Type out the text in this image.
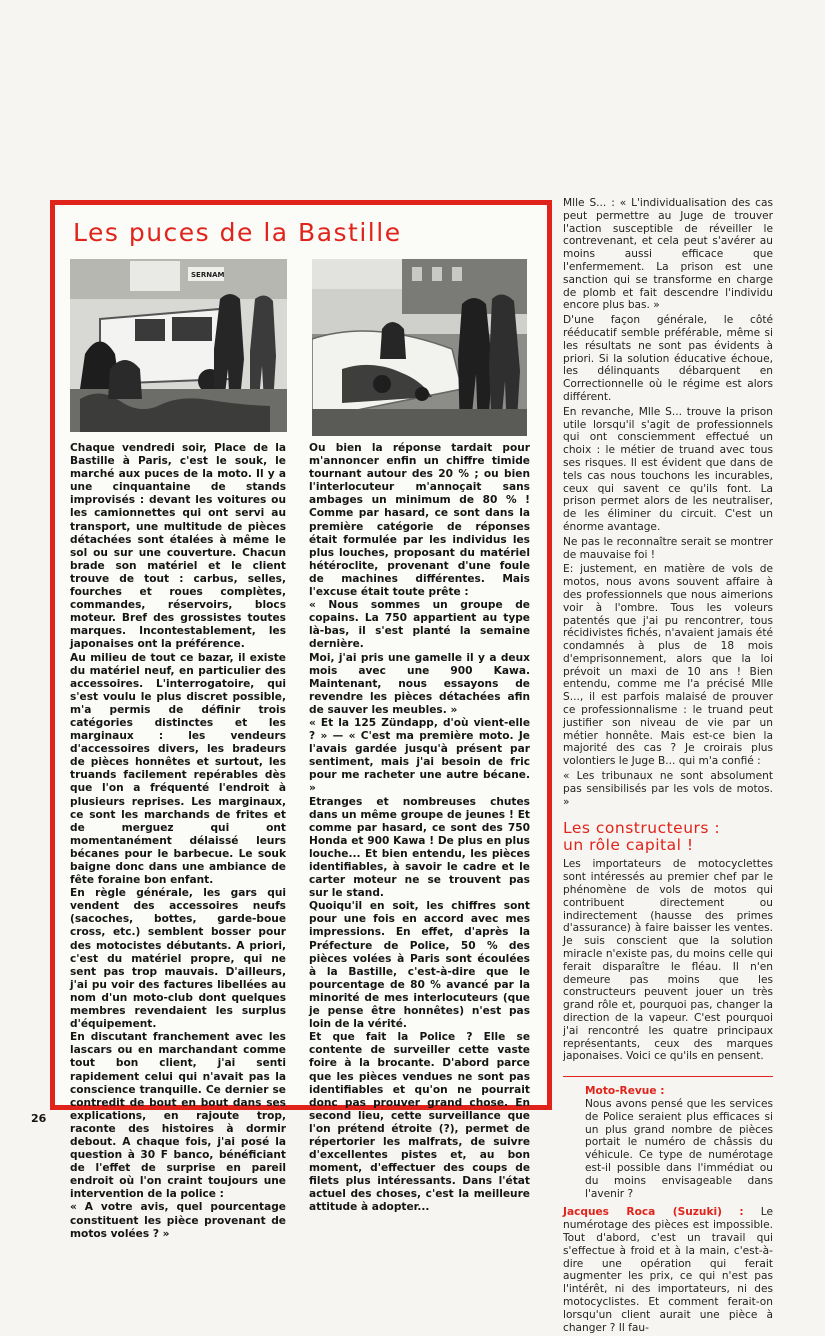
Les puces de la Bastille
SERNAM

Chaque vendredi soir, Place de la Bastille à Paris, c'est le souk, le marché aux puces de la moto. Il y a une cinquantaine de stands improvisés : devant les voitures ou les camionnettes qui ont servi au transport, une multitude de pièces détachées sont étalées à même le sol ou sur une couverture. Chacun brade son matériel et le client trouve de tout : carbus, selles, fourches et roues complètes, commandes, réservoirs, blocs moteur. Bref des grossistes toutes marques. Incontestablement, les japonaises ont la préférence.

Au milieu de tout ce bazar, il existe du matériel neuf, en particulier des accessoires. L'interrogatoire, qui s'est voulu le plus discret possible, m'a permis de définir trois catégories distinctes et les marginaux : les vendeurs d'accessoires divers, les bradeurs de pièces honnêtes et surtout, les truands facilement repérables dès que l'on a fréquenté l'endroit à plusieurs reprises. Les marginaux, ce sont les marchands de frites et de merguez qui ont momentanément délaissé leurs bécanes pour le barbecue. Le souk baigne donc dans une ambiance de fête foraine bon enfant.

En règle générale, les gars qui vendent des accessoires neufs (sacoches, bottes, garde-boue cross, etc.) semblent bosser pour des motocistes débutants. A priori, c'est du matériel propre, qui ne sent pas trop mauvais. D'ailleurs, j'ai pu voir des factures libellées au nom d'un moto-club dont quelques membres revendaient les surplus d'équipement.

En discutant franchement avec les lascars ou en marchandant comme tout bon client, j'ai senti rapidement celui qui n'avait pas la conscience tranquille. Ce dernier se contredit de bout en bout dans ses explications, en rajoute trop, raconte des histoires à dormir debout. A chaque fois, j'ai posé la question à 30 F banco, bénéficiant de l'effet de surprise en pareil endroit où l'on craint toujours une intervention de la police :

« A votre avis, quel pourcentage constituent les pièce provenant de motos volées ? »

Ou bien la réponse tardait pour m'annoncer enfin un chiffre timide tournant autour des 20 % ; ou bien l'interlocuteur m'annoçait sans ambages un minimum de 80 % ! Comme par hasard, ce sont dans la première catégorie de réponses était formulée par les individus les plus louches, proposant du matériel hétéroclite, provenant d'une foule de machines différentes. Mais l'excuse était toute prête :

« Nous sommes un groupe de copains. La 750 appartient au type là-bas, il s'est planté la semaine dernière.

Moi, j'ai pris une gamelle il y a deux mois avec une 900 Kawa. Maintenant, nous essayons de revendre les pièces détachées afin de sauver les meubles. »

« Et la 125 Zündapp, d'où vient-elle ? » — « C'est ma première moto. Je l'avais gardée jusqu'à présent par sentiment, mais j'ai besoin de fric pour me racheter une autre bécane. »

Etranges et nombreuses chutes dans un même groupe de jeunes ! Et comme par hasard, ce sont des 750 Honda et 900 Kawa ! De plus en plus louche... Et bien entendu, les pièces identifiables, à savoir le cadre et le carter moteur ne se trouvent pas sur le stand.

Quoiqu'il en soit, les chiffres sont pour une fois en accord avec mes impressions. En effet, d'après la Préfecture de Police, 50 % des pièces volées à Paris sont écoulées à la Bastille, c'est-à-dire que le pourcentage de 80 % avancé par la minorité de mes interlocuteurs (que je pense être honnêtes) n'est pas loin de la vérité.

Et que fait la Police ? Elle se contente de surveiller cette vaste foire à la brocante. D'abord parce que les pièces vendues ne sont pas identifiables et qu'on ne pourrait donc pas prouver grand chose. En second lieu, cette surveillance que l'on prétend étroite (?), permet de répertorier les malfrats, de suivre d'excellentes pistes et, au bon moment, d'effectuer des coups de filets plus intéressants. Dans l'état actuel des choses, c'est la meilleure attitude à adopter...

Mlle S... : « L'individualisation des cas peut permettre au Juge de trouver l'action susceptible de réveiller le contrevenant, et cela peut s'avérer au moins aussi efficace que l'enfermement. La prison est une sanction qui se transforme en charge de plomb et fait descendre l'individu encore plus bas. »

D'une façon générale, le côté rééducatif semble préférable, même si les résultats ne sont pas évidents à priori. Si la solution éducative échoue, les délinquants débarquent en Correctionnelle où le régime est alors différent.

En revanche, Mlle S... trouve la prison utile lorsqu'il s'agit de professionnels qui ont consciemment effectué un choix : le métier de truand avec tous ses risques. Il est évident que dans de tels cas nous touchons les incurables, ceux qui savent ce qu'ils font. La prison permet alors de les neutraliser, de les éliminer du circuit. C'est un énorme avantage.

Ne pas le reconnaître serait se montrer de mauvaise foi !

E: justement, en matière de vols de motos, nous avons souvent affaire à des professionnels que nous aimerions voir à l'ombre. Tous les voleurs patentés que j'ai pu rencontrer, tous récidivistes fichés, n'avaient jamais été condamnés à plus de 18 mois d'emprisonnement, alors que la loi prévoit un maxi de 10 ans ! Bien entendu, comme me l'a précisé Mlle S..., il est parfois malaisé de prouver ce professionnalisme : le truand peut justifier son niveau de vie par un métier honnête. Mais est-ce bien la majorité des cas ? Je croirais plus volontiers le Juge B... qui m'a confié :

« Les tribunaux ne sont absolument pas sensibilisés par les vols de motos. »

Les constructeurs :
un rôle capital !

Les importateurs de motocyclettes sont intéressés au premier chef par le phénomène de vols de motos qui contribuent directement ou indirectement (hausse des primes d'assurance) à faire baisser les ventes. Je suis conscient que la solution miracle n'existe pas, du moins celle qui ferait disparaître le fléau. Il n'en demeure pas moins que les constructeurs peuvent jouer un très grand rôle et, pourquoi pas, changer la direction de la vapeur. C'est pourquoi j'ai rencontré les quatre principaux représentants, ceux des marques japonaises. Voici ce qu'ils en pensent.

Moto-Revue :
Nous avons pensé que les services de Police seraient plus efficaces si un plus grand nombre de pièces portait le numéro de châssis du véhicule. Ce type de numérotage est-il possible dans l'immédiat ou du moins envisageable dans l'avenir ?

Jacques Roca (Suzuki) : Le numérotage des pièces est impossible. Tout d'abord, c'est un travail qui s'effectue à froid et à la main, c'est-à-dire une opération qui ferait augmenter les prix, ce qui n'est pas l'intérêt, ni des importateurs, ni des motocyclistes. Et comment ferait-on lorsqu'un client aurait une pièce à changer ? Il fau-

26
